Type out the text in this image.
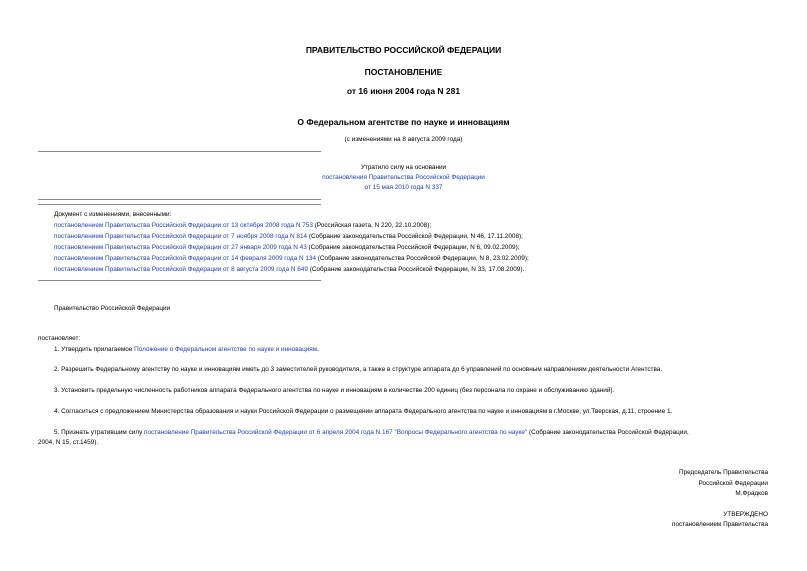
ПРАВИТЕЛЬСТВО РОССИЙСКОЙ ФЕДЕРАЦИИ
ПОСТАНОВЛЕНИЕ
от 16 июня 2004 года N 281
О Федеральном агентстве по науке и инновациям
(с изменениями на 8 августа 2009 года)
Утратило силу на основании
постановления Правительства Российской Федерации
от 15 мая 2010 года N 337
Документ с изменениями, внесенными:
постановлением Правительства Российской Федерации от 13 октября 2008 года N 753 (Российская газета, N 220, 22.10.2008);
постановлением Правительства Российской Федерации от 7 ноября 2008 года N 814 (Собрание законодательства Российской Федерации, N 46, 17.11.2008);
постановлением Правительства Российской Федерации от 27 января 2009 года N 43 (Собрание законодательства Российской Федерации, N 6, 09.02.2009);
постановлением Правительства Российской Федерации от 14 февраля 2009 года N 134 (Собрание законодательства Российской Федерации, N 8, 23.02.2009);
постановлением Правительства Российской Федерации от 8 августа 2009 года N 649 (Собрание законодательства Российской Федерации, N 33, 17.08.2009).
Правительство Российской Федерации
постановляет:
1. Утвердить прилагаемое Положение о Федеральном агентстве по науке и инновациям.
2. Разрешить Федеральному агентству по науке и инновациям иметь до 3 заместителей руководителя, а также в структуре аппарата до 6 управлений по основным направлениям деятельности Агентства.
3. Установить предельную численность работников аппарата Федерального агентства по науке и инновациям в количестве 200 единиц (без персонала по охране и обслуживанию зданий).
4. Согласиться с предложением Министерства образования и науки Российской Федерации о размещении аппарата Федерального агентства по науке и инновациям в г.Москве, ул.Тверская, д.11, строение 1.
5. Признать утратившим силу постановление Правительства Российской Федерации от 6 апреля 2004 года N 167 "Вопросы Федерального агентства по науке" (Собрание законодательства Российской Федерации,
2004, N 15, ст.1459).
Председатель Правительства
Российской Федерации
М.Фрадков
УТВЕРЖДЕНО
постановлением Правительства
